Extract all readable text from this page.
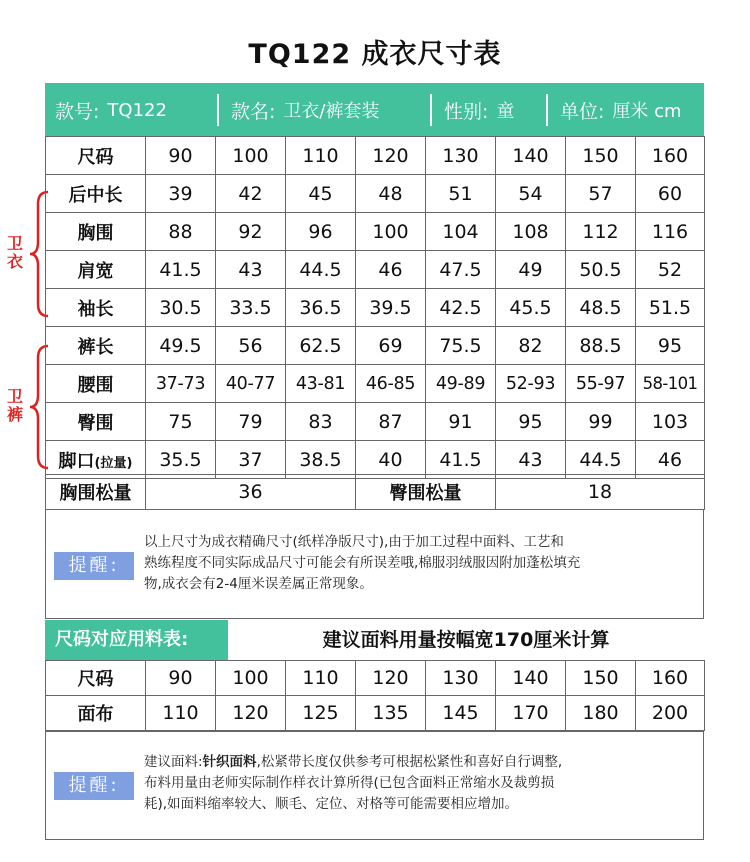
TQ122 成衣尺寸表
款号: TQ122	款名: 卫衣/裤套装	性别: 童 单位: 厘米 cm
卫衣
卫裤
尺码	90	100	110	120	130	140	150	160
后中长	39	42	45	48	51	54	57	60
胸围	88	92	96	100	104	108	112	116
肩宽	41.5	43	44.5	46	47.5	49	50.5	52
袖长	30.5	33.5	36.5	39.5	42.5	45.5	48.5	51.5
裤长	49.5	56	62.5	69	75.5	82	88.5	95
腰围	37-73	40-77	43-81	46-85	49-89	52-93	55-97	58-101
臀围	75	79	83	87	91	95	99	103
脚口(拉量)	35.5	37	38.5	40	41.5	43	44.5	46
胸围松量	36	臀围松量	18
提醒:
以上尺寸为成衣精确尺寸(纸样净版尺寸),由于加工过程中面料、工艺和
熟练程度不同实际成品尺寸可能会有所误差哦,棉服羽绒服因附加蓬松填充
物,成衣会有2-4厘米误差属正常现象。
尺码对应用料表:	建议面料用量按幅宽170厘米计算
尺码	90	100	110	120	130	140	150	160
面布	110	120	125	135	145	170	180	200
提醒:
建议面料:针织面料,松紧带长度仅供参考可根据松紧性和喜好自行调整,
布料用量由老师实际制作样衣计算所得(已包含面料正常缩水及裁剪损
耗),如面料缩率较大、顺毛、定位、对格等可能需要相应增加。
